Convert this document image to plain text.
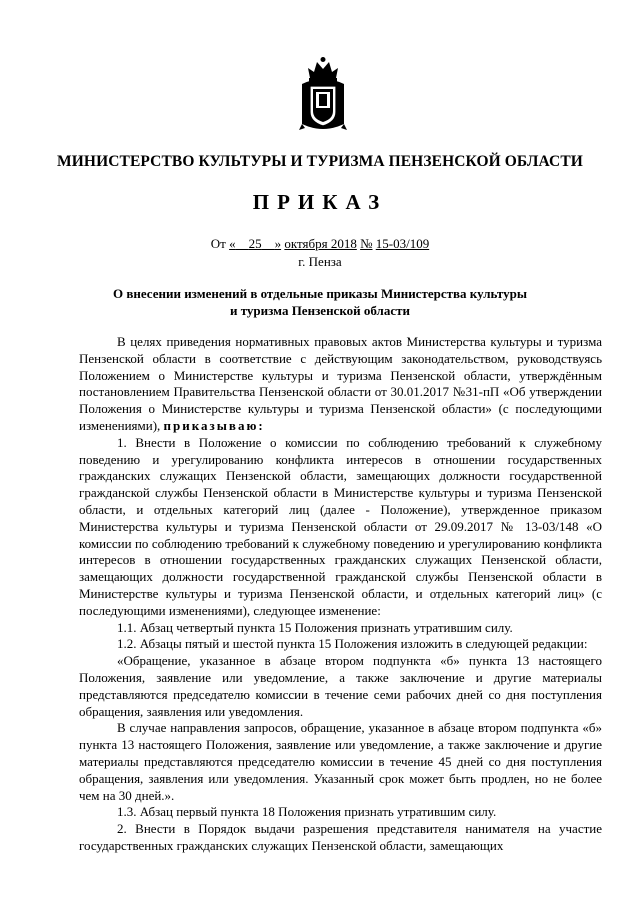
МИНИСТЕРСТВО КУЛЬТУРЫ И ТУРИЗМА ПЕНЗЕНСКОЙ ОБЛАСТИ
ПРИКАЗ
От « 25 » октября 2018 № 15-03/109
г. Пенза
О внесении изменений в отдельные приказы Министерства культуры и туризма Пензенской области

В целях приведения нормативных правовых актов Министерства культуры и туризма Пензенской области в соответствие с действующим законодательством, руководствуясь Положением о Министерстве культуры и туризма Пензенской области, утверждённым постановлением Правительства Пензенской области от 30.01.2017 №31-пП «Об утверждении Положения о Министерстве культуры и туризма Пензенской области» (с последующими изменениями), приказываю:

1. Внести в Положение о комиссии по соблюдению требований к служебному поведению и урегулированию конфликта интересов в отношении государственных гражданских служащих Пензенской области, замещающих должности государственной гражданской службы Пензенской области в Министерстве культуры и туризма Пензенской области, и отдельных категорий лиц (далее - Положение), утвержденное приказом Министерства культуры и туризма Пензенской области от 29.09.2017 № 13-03/148 «О комиссии по соблюдению требований к служебному поведению и урегулированию конфликта интересов в отношении государственных гражданских служащих Пензенской области, замещающих должности государственной гражданской службы Пензенской области в Министерстве культуры и туризма Пензенской области, и отдельных категорий лиц» (с последующими изменениями), следующее изменение:

1.1. Абзац четвертый пункта 15 Положения признать утратившим силу.

1.2. Абзацы пятый и шестой пункта 15 Положения изложить в следующей редакции:

«Обращение, указанное в абзаце втором подпункта «б» пункта 13 настоящего Положения, заявление или уведомление, а также заключение и другие материалы представляются председателю комиссии в течение семи рабочих дней со дня поступления обращения, заявления или уведомления.

В случае направления запросов, обращение, указанное в абзаце втором подпункта «б» пункта 13 настоящего Положения, заявление или уведомление, а также заключение и другие материалы представляются председателю комиссии в течение 45 дней со дня поступления обращения, заявления или уведомления. Указанный срок может быть продлен, но не более чем на 30 дней.».

1.3. Абзац первый пункта 18 Положения признать утратившим силу.

2. Внести в Порядок выдачи разрешения представителя нанимателя на участие государственных гражданских служащих Пензенской области, замещающих
